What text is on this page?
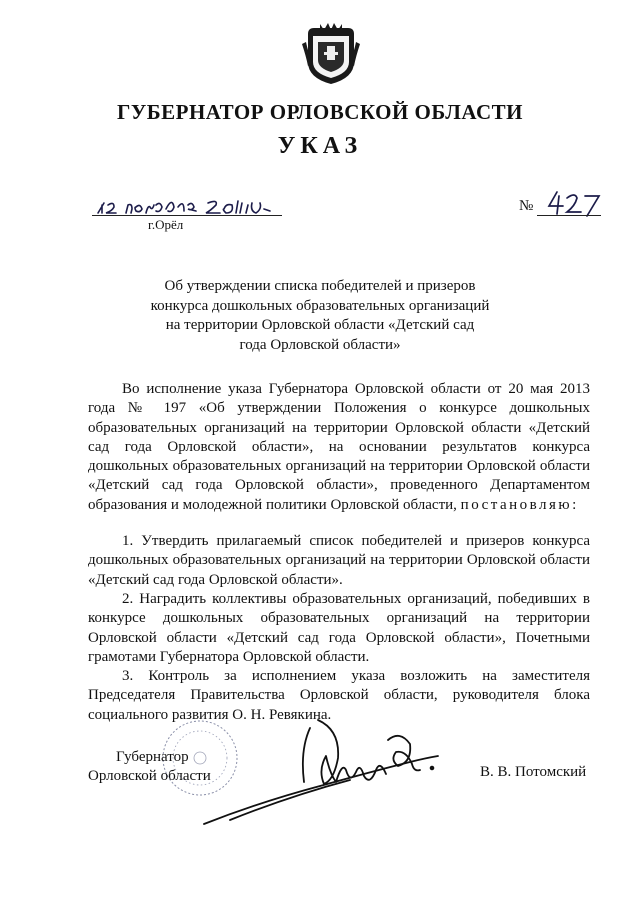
ГУБЕРНАТОР ОРЛОВСКОЙ ОБЛАСТИ
УКАЗ
г.Орёл
№
Об утверждении списка победителей и призеров
конкурса дошкольных образовательных организаций
на территории Орловской области «Детский сад
года Орловской области»

Во исполнение указа Губернатора Орловской области от 20 мая 2013 года № 197 «Об утверждении Положения о конкурсе дошкольных образовательных организаций на территории Орловской области «Детский сад года Орловской области», на основании результатов конкурса дошкольных образовательных организаций на территории Орловской области «Детский сад года Орловской области», проведенного Департаментом образования и молодежной политики Орловской области, постановляю:

1. Утвердить прилагаемый список победителей и призеров конкурса дошкольных образовательных организаций на территории Орловской области «Детский сад года Орловской области».

2. Наградить коллективы образовательных организаций, победивших в конкурсе дошкольных образовательных организаций на территории Орловской области «Детский сад года Орловской области», Почетными грамотами Губернатора Орловской области.

3. Контроль за исполнением указа возложить на заместителя Председателя Правительства Орловской области, руководителя блока социального развития О. Н. Ревякина.

Губернатор
Орловской области	В. В. Потомский
